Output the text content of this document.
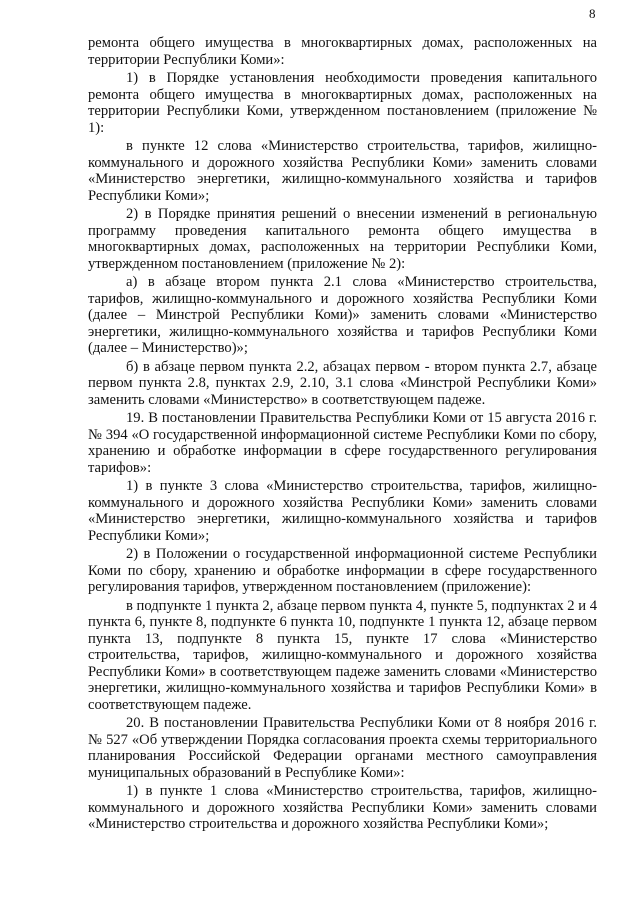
8

ремонта общего имущества в многоквартирных домах, расположенных на территории Республики Коми»:

1) в Порядке установления необходимости проведения капитального ремонта общего имущества в многоквартирных домах, расположенных на территории Республики Коми, утвержденном постановлением (приложение № 1):

в пункте 12 слова «Министерство строительства, тарифов, жилищно-коммунального и дорожного хозяйства Республики Коми» заменить словами «Министерство энергетики, жилищно-коммунального хозяйства и тарифов Республики Коми»;

2) в Порядке принятия решений о внесении изменений в региональную программу проведения капитального ремонта общего имущества в многоквартирных домах, расположенных на территории Республики Коми, утвержденном постановлением (приложение № 2):

а) в абзаце втором пункта 2.1 слова «Министерство строительства, тарифов, жилищно-коммунального и дорожного хозяйства Республики Коми (далее – Минстрой Республики Коми)» заменить словами «Министерство энергетики, жилищно-коммунального хозяйства и тарифов Республики Коми (далее – Министерство)»;

б) в абзаце первом пункта 2.2, абзацах первом - втором пункта 2.7, абзаце первом пункта 2.8, пунктах 2.9, 2.10, 3.1 слова «Минстрой Республики Коми» заменить словами «Министерство» в соответствующем падеже.

19. В постановлении Правительства Республики Коми от 15 августа 2016 г. № 394 «О государственной информационной системе Республики Коми по сбору, хранению и обработке информации в сфере государственного регулирования тарифов»:

1) в пункте 3 слова «Министерство строительства, тарифов, жилищно-коммунального и дорожного хозяйства Республики Коми» заменить словами «Министерство энергетики, жилищно-коммунального хозяйства и тарифов Республики Коми»;

2) в Положении о государственной информационной системе Республики Коми по сбору, хранению и обработке информации в сфере государственного регулирования тарифов, утвержденном постановлением (приложение):

в подпункте 1 пункта 2, абзаце первом пункта 4, пункте 5, подпунктах 2 и 4 пункта 6, пункте 8, подпункте 6 пункта 10, подпункте 1 пункта 12, абзаце первом пункта 13, подпункте 8 пункта 15, пункте 17 слова «Министерство строительства, тарифов, жилищно-коммунального и дорожного хозяйства Республики Коми» в соответствующем падеже заменить словами «Министерство энергетики, жилищно-коммунального хозяйства и тарифов Республики Коми» в соответствующем падеже.

20. В постановлении Правительства Республики Коми от 8 ноября 2016 г. № 527 «Об утверждении Порядка согласования проекта схемы территориального планирования Российской Федерации органами местного самоуправления муниципальных образований в Республике Коми»:

1) в пункте 1 слова «Министерство строительства, тарифов, жилищно-коммунального и дорожного хозяйства Республики Коми» заменить словами «Министерство строительства и дорожного хозяйства Республики Коми»;
